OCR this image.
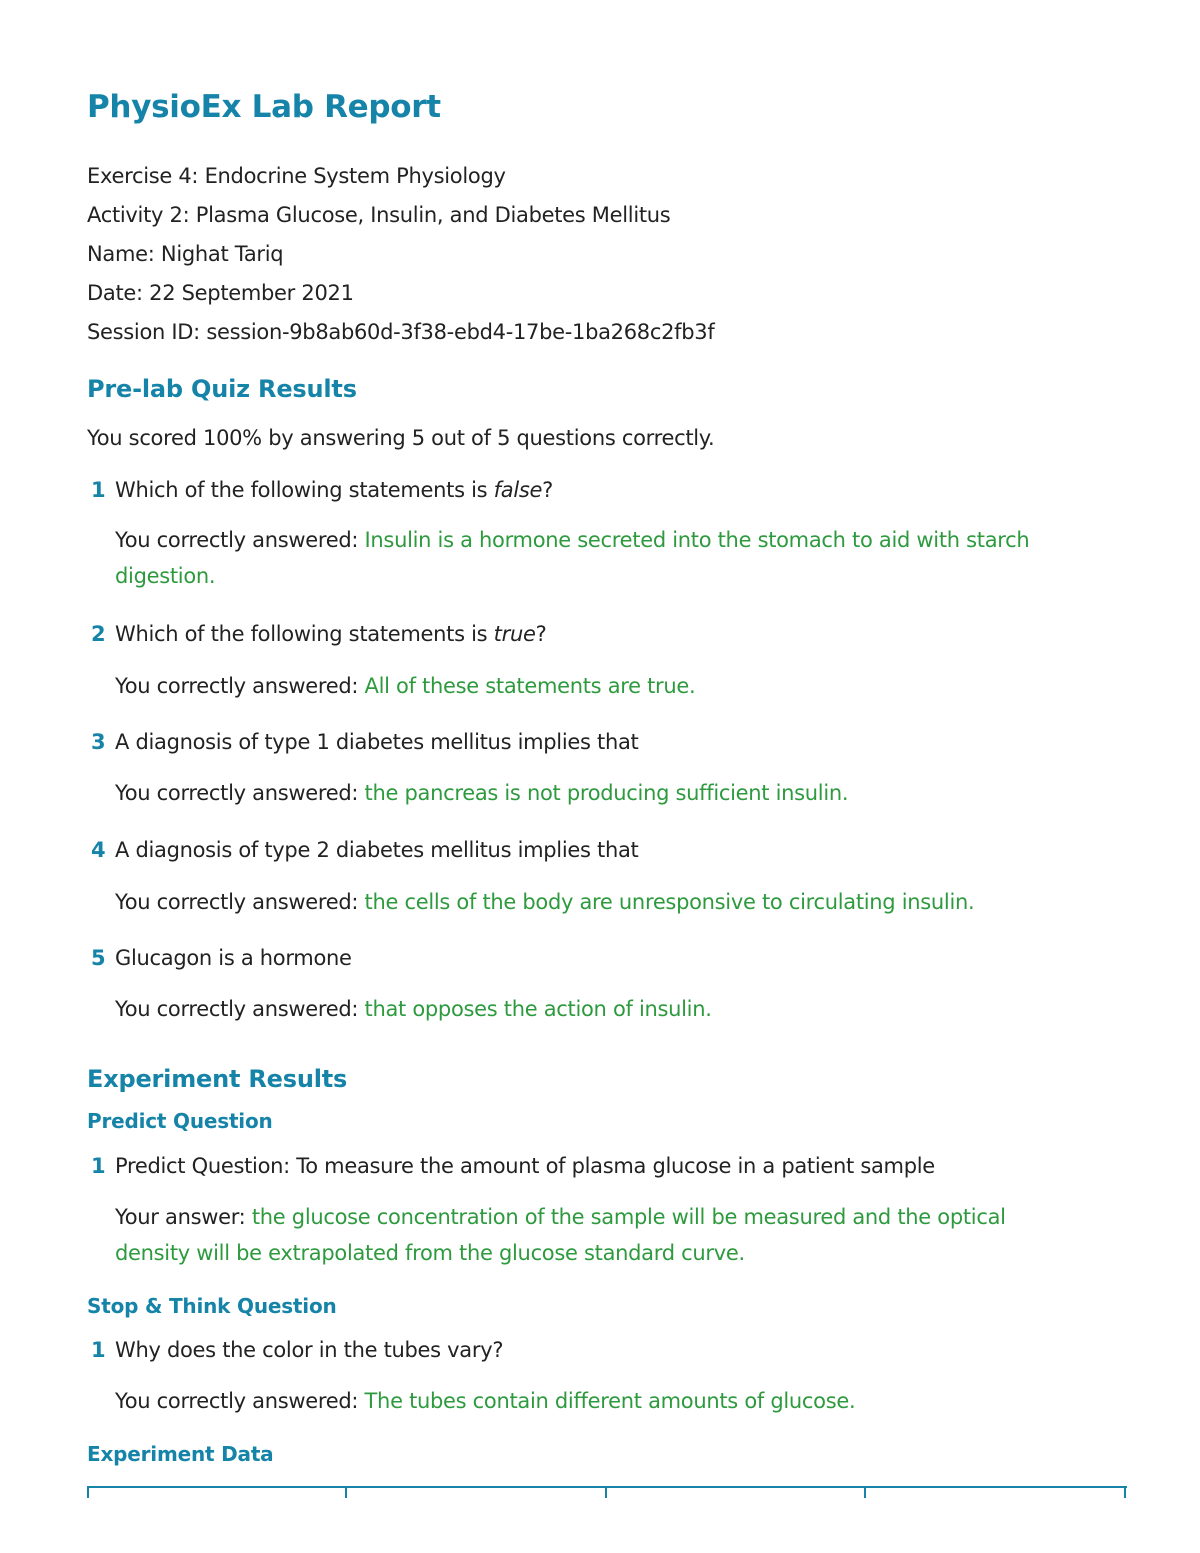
PhysioEx Lab Report
Exercise 4: Endocrine System Physiology
Activity 2: Plasma Glucose, Insulin, and Diabetes Mellitus
Name: Nighat Tariq
Date: 22 September 2021
Session ID: session-9b8ab60d-3f38-ebd4-17be-1ba268c2fb3f
Pre-lab Quiz Results
You scored 100% by answering 5 out of 5 questions correctly.
1 Which of the following statements is false?
You correctly answered: Insulin is a hormone secreted into the stomach to aid with starch digestion.
2 Which of the following statements is true?
You correctly answered: All of these statements are true.
3 A diagnosis of type 1 diabetes mellitus implies that
You correctly answered: the pancreas is not producing sufficient insulin.
4 A diagnosis of type 2 diabetes mellitus implies that
You correctly answered: the cells of the body are unresponsive to circulating insulin.
5 Glucagon is a hormone
You correctly answered: that opposes the action of insulin.
Experiment Results
Predict Question
1 Predict Question: To measure the amount of plasma glucose in a patient sample
Your answer: the glucose concentration of the sample will be measured and the optical density will be extrapolated from the glucose standard curve.
Stop & Think Question
1 Why does the color in the tubes vary?
You correctly answered: The tubes contain different amounts of glucose.
Experiment Data
